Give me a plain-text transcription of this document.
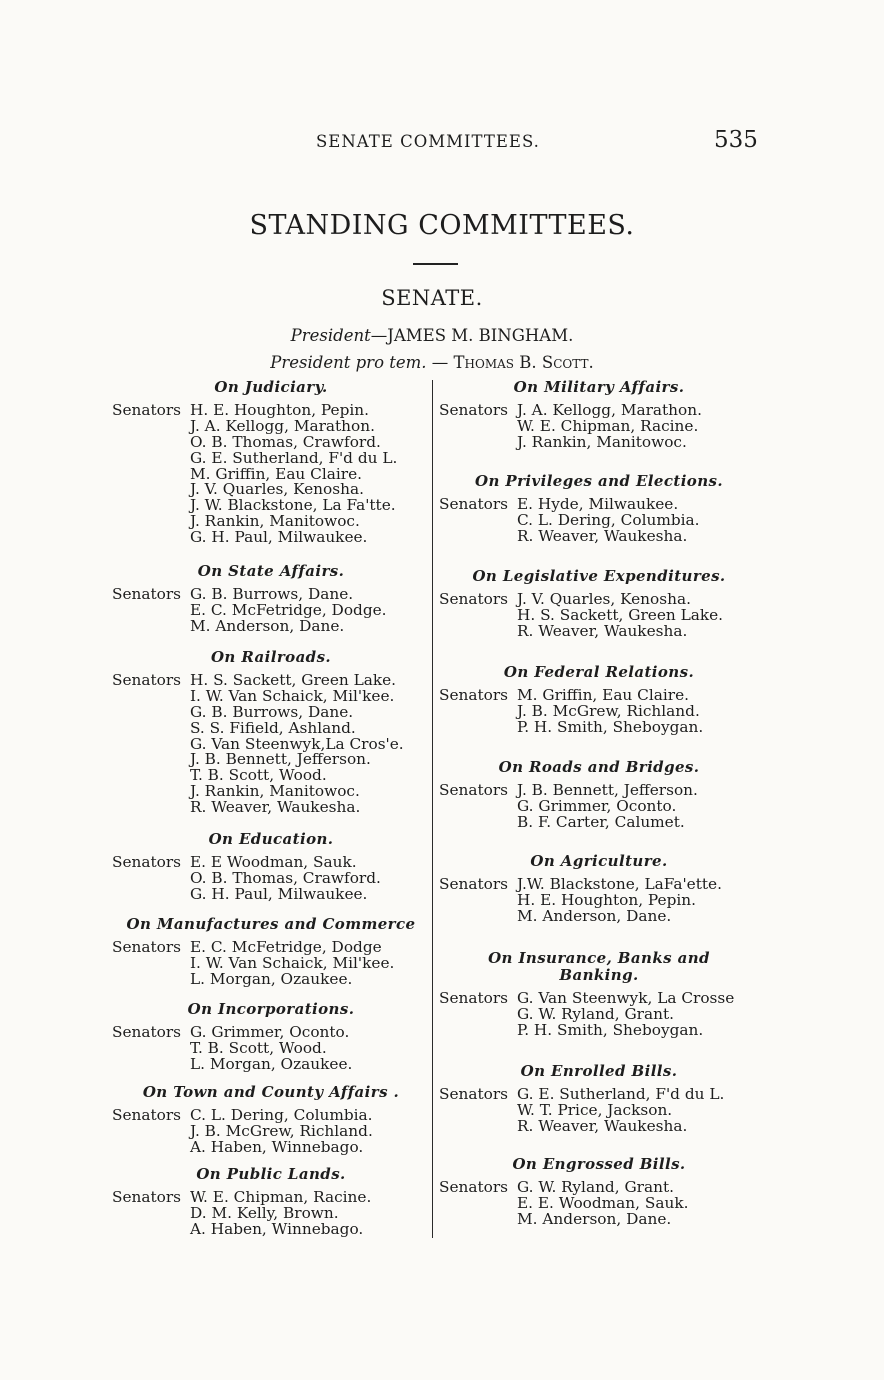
SENATE COMMITTEES.	535
STANDING COMMITTEES.
SENATE.
President—JAMES M. BINGHAM.
President pro tem. — Thomas B. Scott.
On Judiciary.
Senators H. E. Houghton, Pepin.
J. A. Kellogg, Marathon.
O. B. Thomas, Crawford.
G. E. Sutherland, F'd du L.
M. Griffin, Eau Claire.
J. V. Quarles, Kenosha.
J. W. Blackstone, La Fa'tte.
J. Rankin, Manitowoc.
G. H. Paul, Milwaukee.
On State Affairs.
Senators G. B. Burrows, Dane.
E. C. McFetridge, Dodge.
M. Anderson, Dane.
On Railroads.
Senators H. S. Sackett, Green Lake.
I. W. Van Schaick, Mil'kee.
G. B. Burrows, Dane.
S. S. Fifield, Ashland.
G. Van Steenwyk,La Cros'e.
J. B. Bennett, Jefferson.
T. B. Scott, Wood.
J. Rankin, Manitowoc.
R. Weaver, Waukesha.
On Education.
Senators E. E Woodman, Sauk.
O. B. Thomas, Crawford.
G. H. Paul, Milwaukee.
On Manufactures and Commerce
Senators E. C. McFetridge, Dodge
I. W. Van Schaick, Mil'kee.
L. Morgan, Ozaukee.
On Incorporations.
Senators G. Grimmer, Oconto.
T. B. Scott, Wood.
L. Morgan, Ozaukee.
On Town and County Affairs .
Senators C. L. Dering, Columbia.
J. B. McGrew, Richland.
A. Haben, Winnebago.
On Public Lands.
Senators W. E. Chipman, Racine.
D. M. Kelly, Brown.
A. Haben, Winnebago.
On Military Affairs.
Senators J. A. Kellogg, Marathon.
W. E. Chipman, Racine.
J. Rankin, Manitowoc.
On Privileges and Elections.
Senators E. Hyde, Milwaukee.
C. L. Dering, Columbia.
R. Weaver, Waukesha.
On Legislative Expenditures.
Senators J. V. Quarles, Kenosha.
H. S. Sackett, Green Lake.
R. Weaver, Waukesha.
On Federal Relations.
Senators M. Griffin, Eau Claire.
J. B. McGrew, Richland.
P. H. Smith, Sheboygan.
On Roads and Bridges.
Senators J. B. Bennett, Jefferson.
G. Grimmer, Oconto.
B. F. Carter, Calumet.
On Agriculture.
Senators J.W. Blackstone, LaFa'ette.
H. E. Houghton, Pepin.
M. Anderson, Dane.
On Insurance, Banks and Banking.
Senators G. Van Steenwyk, La Crosse
G. W. Ryland, Grant.
P. H. Smith, Sheboygan.
On Enrolled Bills.
Senators G. E. Sutherland, F'd du L.
W. T. Price, Jackson.
R. Weaver, Waukesha.
On Engrossed Bills.
Senators G. W. Ryland, Grant.
E. E. Woodman, Sauk.
M. Anderson, Dane.
